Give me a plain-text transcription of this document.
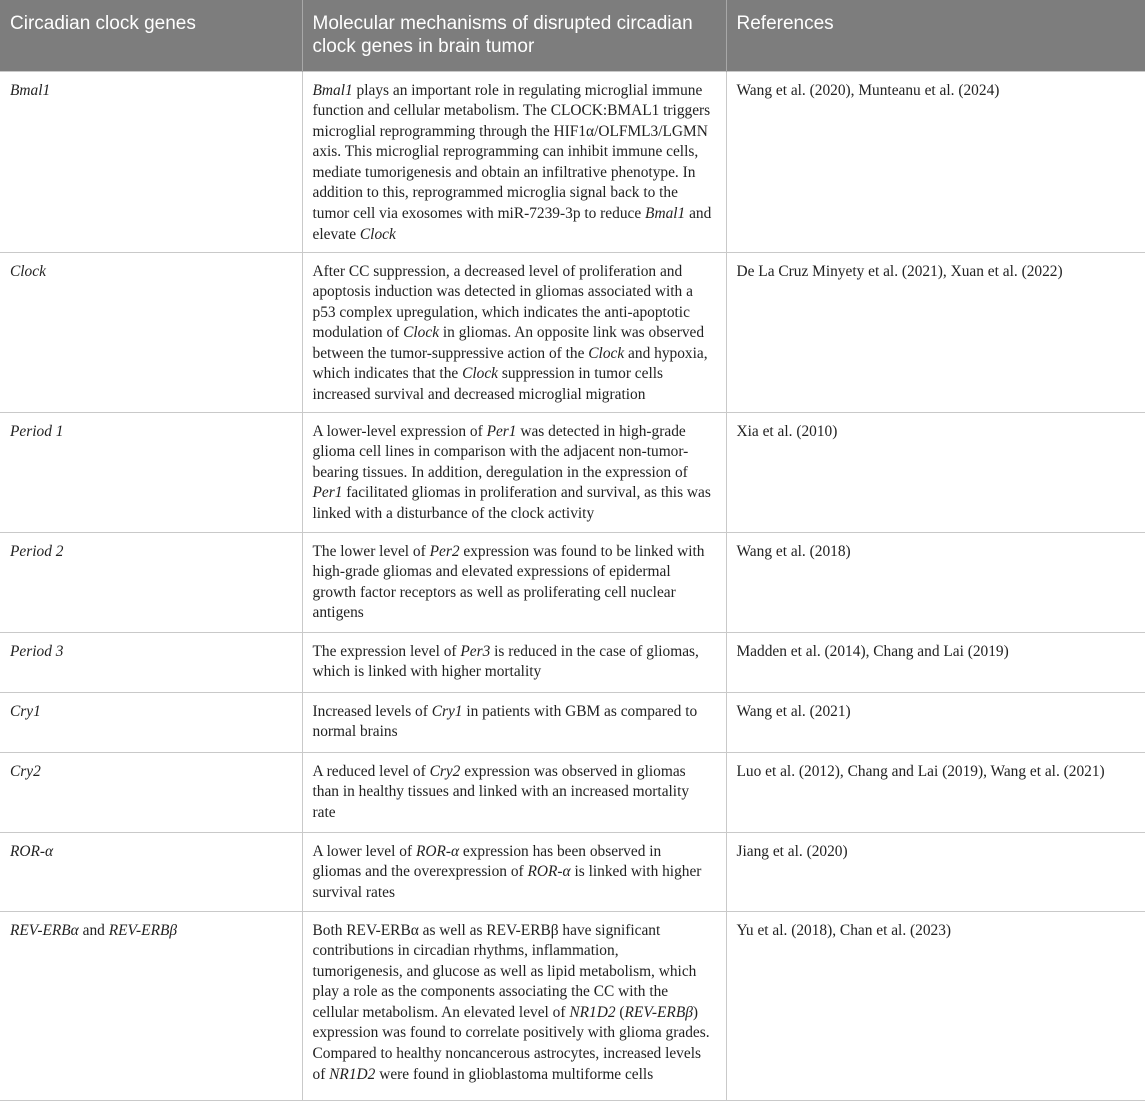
Circadian clock genes	Molecular mechanisms of disrupted circadian clock genes in brain tumor	References
Bmal1	Bmal1 plays an important role in regulating microglial immune function and cellular metabolism. The CLOCK:BMAL1 triggers microglial reprogramming through the HIF1α/OLFML3/LGMN axis. This microglial reprogramming can inhibit immune cells, mediate tumorigenesis and obtain an infiltrative phenotype. In addition to this, reprogrammed microglia signal back to the tumor cell via exosomes with miR-7239-3p to reduce Bmal1 and elevate Clock	Wang et al. (2020), Munteanu et al. (2024)
Clock	After CC suppression, a decreased level of proliferation and apoptosis induction was detected in gliomas associated with a p53 complex upregulation, which indicates the anti-apoptotic modulation of Clock in gliomas. An opposite link was observed between the tumor-suppressive action of the Clock and hypoxia, which indicates that the Clock suppression in tumor cells increased survival and decreased microglial migration	De La Cruz Minyety et al. (2021), Xuan et al. (2022)
Period 1	A lower-level expression of Per1 was detected in high-grade glioma cell lines in comparison with the adjacent non-tumor-bearing tissues. In addition, deregulation in the expression of Per1 facilitated gliomas in proliferation and survival, as this was linked with a disturbance of the clock activity	Xia et al. (2010)
Period 2	The lower level of Per2 expression was found to be linked with high-grade gliomas and elevated expressions of epidermal growth factor receptors as well as proliferating cell nuclear antigens	Wang et al. (2018)
Period 3	The expression level of Per3 is reduced in the case of gliomas, which is linked with higher mortality	Madden et al. (2014), Chang and Lai (2019)
Cry1	Increased levels of Cry1 in patients with GBM as compared to normal brains	Wang et al. (2021)
Cry2	A reduced level of Cry2 expression was observed in gliomas than in healthy tissues and linked with an increased mortality rate	Luo et al. (2012), Chang and Lai (2019), Wang et al. (2021)
ROR-α	A lower level of ROR-α expression has been observed in gliomas and the overexpression of ROR-α is linked with higher survival rates	Jiang et al. (2020)
REV-ERBα and REV-ERBβ	Both REV-ERBα as well as REV-ERBβ have significant contributions in circadian rhythms, inflammation, tumorigenesis, and glucose as well as lipid metabolism, which play a role as the components associating the CC with the cellular metabolism. An elevated level of NR1D2 (REV-ERBβ) expression was found to correlate positively with glioma grades. Compared to healthy noncancerous astrocytes, increased levels of NR1D2 were found in glioblastoma multiforme cells	Yu et al. (2018), Chan et al. (2023)
